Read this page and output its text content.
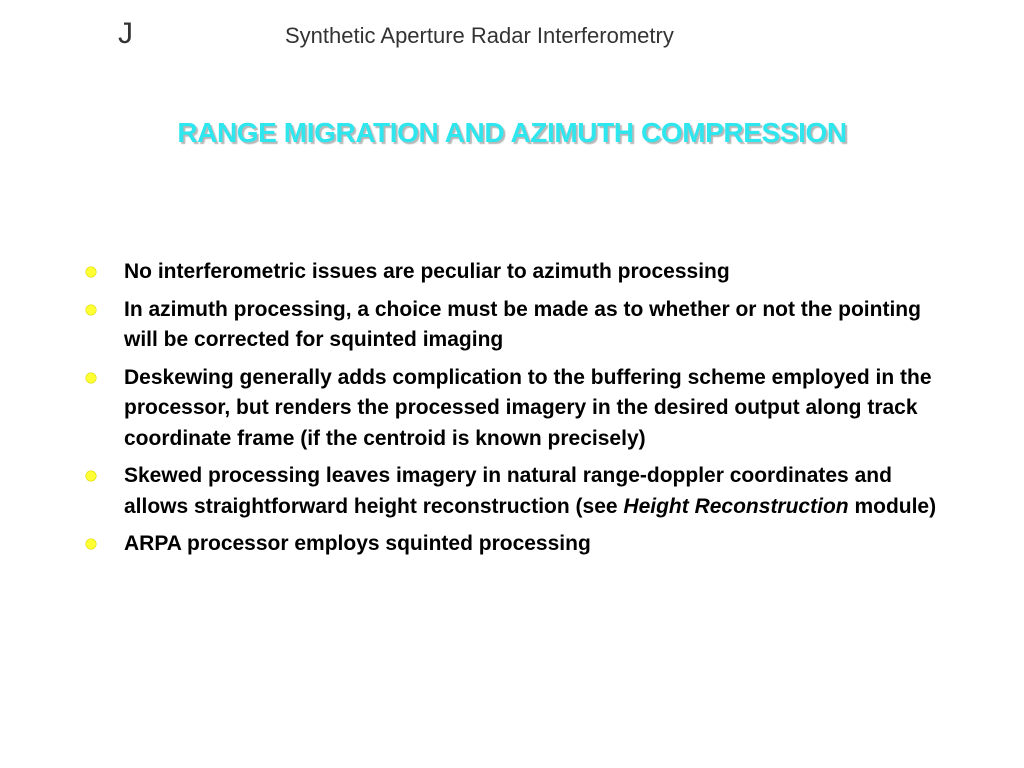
J	Synthetic Aperture Radar Interferometry
RANGE MIGRATION AND AZIMUTH COMPRESSION
No interferometric issues are peculiar to azimuth processing
In azimuth processing, a choice must be made as to whether or not the pointing will be corrected for squinted imaging
Deskewing generally adds complication to the buffering scheme employed in the processor, but renders the processed imagery in the desired output along track coordinate frame (if the centroid is known precisely)
Skewed processing leaves imagery in natural range-doppler coordinates and allows straightforward height reconstruction (see Height Reconstruction module)
ARPA processor employs squinted processing
